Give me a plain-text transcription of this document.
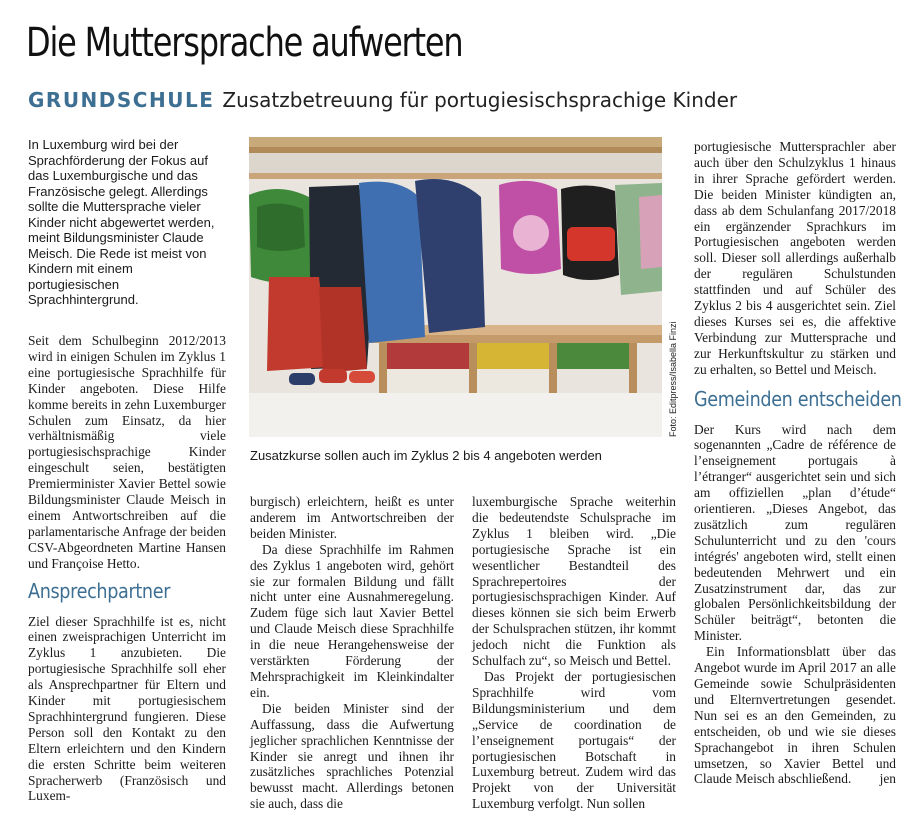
Die Muttersprache aufwerten
GRUNDSCHULE Zusatzbetreuung für portugiesischsprachige Kinder
In Luxemburg wird bei der Sprachförderung der Fokus auf das Luxemburgische und das Französische gelegt. Allerdings sollte die Muttersprache vieler Kinder nicht abgewertet werden, meint Bildungsminister Claude Meisch. Die Rede ist meist von Kindern mit einem portugiesischen Sprachhintergrund.

Seit dem Schulbeginn 2012/2013 wird in einigen Schulen im Zyklus 1 eine portugiesische Sprachhilfe für Kinder angeboten. Diese Hilfe komme bereits in zehn Luxemburger Schulen zum Einsatz, da hier verhältnismäßig viele portugiesischsprachige Kinder eingeschult seien, bestätigten Premierminister Xavier Bettel sowie Bildungsminister Claude Meisch in einem Antwortschreiben auf die parlamentarische Anfrage der beiden CSV-Abgeordneten Martine Hansen und Françoise Hetto.

Ansprechpartner

Ziel dieser Sprachhilfe ist es, nicht einen zweisprachigen Unterricht im Zyklus 1 anzubieten. Die portugiesische Sprachhilfe soll eher als Ansprechpartner für Eltern und Kinder mit portugiesischem Sprachhintergrund fungieren. Diese Person soll den Kontakt zu den Eltern erleichtern und den Kindern die ersten Schritte beim weiteren Spracherwerb (Französisch und Luxem-

Foto: Editpress/Isabella Finzi
Zusatzkurse sollen auch im Zyklus 2 bis 4 angeboten werden

burgisch) erleichtern, heißt es unter anderem im Antwortschreiben der beiden Minister.

Da diese Sprachhilfe im Rahmen des Zyklus 1 angeboten wird, gehört sie zur formalen Bildung und fällt nicht unter eine Ausnahmeregelung. Zudem füge sich laut Xavier Bettel und Claude Meisch diese Sprachhilfe in die neue Herangehensweise der verstärkten Förderung der Mehrsprachigkeit im Kleinkindalter ein.

Die beiden Minister sind der Auffassung, dass die Aufwertung jeglicher sprachlichen Kenntnisse der Kinder sie anregt und ihnen ihr zusätzliches sprachliches Potenzial bewusst macht. Allerdings betonen sie auch, dass die

luxemburgische Sprache weiterhin die bedeutendste Schulsprache im Zyklus 1 bleiben wird. „Die portugiesische Sprache ist ein wesentlicher Bestandteil des Sprachrepertoires der portugiesischsprachigen Kinder. Auf dieses können sie sich beim Erwerb der Schulsprachen stützen, ihr kommt jedoch nicht die Funktion als Schulfach zu“, so Meisch und Bettel.

Das Projekt der portugiesischen Sprachhilfe wird vom Bildungsministerium und dem „Service de coordination de l’enseignement portugais“ der portugiesischen Botschaft in Luxemburg betreut. Zudem wird das Projekt von der Universität Luxemburg verfolgt. Nun sollen

portugiesische Muttersprachler aber auch über den Schulzyklus 1 hinaus in ihrer Sprache gefördert werden. Die beiden Minister kündigten an, dass ab dem Schulanfang 2017/2018 ein ergänzender Sprachkurs im Portugiesischen angeboten werden soll. Dieser soll allerdings außerhalb der regulären Schulstunden stattfinden und auf Schüler des Zyklus 2 bis 4 ausgerichtet sein. Ziel dieses Kurses sei es, die affektive Verbindung zur Muttersprache und zur Herkunftskultur zu stärken und zu erhalten, so Bettel und Meisch.

Gemeinden entscheiden

Der Kurs wird nach dem sogenannten „Cadre de référence de l’enseignement portugais à l’étranger“ ausgerichtet sein und sich am offiziellen „plan d’étude“ orientieren. „Dieses Angebot, das zusätzlich zum regulären Schulunterricht und zu den 'cours intégrés' angeboten wird, stellt einen bedeutenden Mehrwert und ein Zusatzinstrument dar, das zur globalen Persönlichkeitsbildung der Schüler beiträgt“, betonten die Minister.

Ein Informationsblatt über das Angebot wurde im April 2017 an alle Gemeinde sowie Schulpräsidenten und Elternvertretungen gesendet. Nun sei es an den Gemeinden, zu entscheiden, ob und wie sie dieses Sprachangebot in ihren Schulen umsetzen, so Xavier Bettel und Claude Meisch abschließend.	jen
